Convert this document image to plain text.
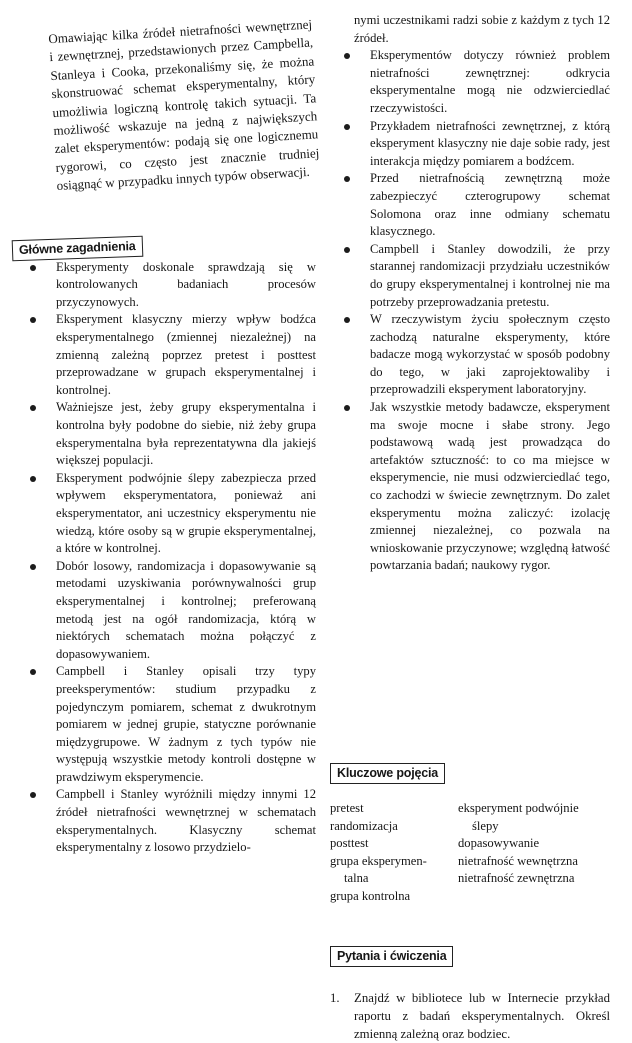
Omawiając kilka źródeł nietrafności wewnętrznej i zewnętrznej, przedstawionych przez Campbella, Stanleya i Cooka, przekonaliśmy się, że można skonstruować schemat eksperymentalny, który umożliwia logiczną kontrolę takich sytuacji. Ta możliwość wskazuje na jedną z największych zalet eksperymentów: podają się one logicznemu rygorowi, co często jest znacznie trudniej osiągnąć w przypadku innych typów obserwacji.

Główne zagadnienia
Eksperymenty doskonale sprawdzają się w kontrolowanych badaniach procesów przyczynowych.
Eksperyment klasyczny mierzy wpływ bodźca eksperymentalnego (zmiennej niezależnej) na zmienną zależną poprzez pretest i posttest przeprowadzane w grupach eksperymentalnej i kontrolnej.
Ważniejsze jest, żeby grupy eksperymentalna i kontrolna były podobne do siebie, niż żeby grupa eksperymentalna była reprezentatywna dla jakiejś większej populacji.
Eksperyment podwójnie ślepy zabezpiecza przed wpływem eksperymentatora, ponieważ ani eksperymentator, ani uczestnicy eksperymentu nie wiedzą, które osoby są w grupie eksperymentalnej, a które w kontrolnej.
Dobór losowy, randomizacja i dopasowywanie są metodami uzyskiwania porównywalności grup eksperymentalnej i kontrolnej; preferowaną metodą jest na ogół randomizacja, którą w niektórych schematach można połączyć z dopasowywaniem.
Campbell i Stanley opisali trzy typy preeksperymentów: studium przypadku z pojedynczym pomiarem, schemat z dwukrotnym pomiarem w jednej grupie, statyczne porównanie międzygrupowe. W żadnym z tych typów nie występują wszystkie metody kontroli dostępne w prawdziwym eksperymencie.
Campbell i Stanley wyróżnili między innymi 12 źródeł nietrafności wewnętrznej w schematach eksperymentalnych. Klasyczny schemat eksperymentalny z losowo przydzielo-

nymi uczestnikami radzi sobie z każdym z tych 12 źródeł.

Eksperymentów dotyczy również problem nietrafności zewnętrznej: odkrycia eksperymentalne mogą nie odzwierciedlać rzeczywistości.
Przykładem nietrafności zewnętrznej, z którą eksperyment klasyczny nie daje sobie rady, jest interakcja między pomiarem a bodźcem.
Przed nietrafnością zewnętrzną może zabezpieczyć czterogrupowy schemat Solomona oraz inne odmiany schematu klasycznego.
Campbell i Stanley dowodzili, że przy starannej randomizacji przydziału uczestników do grupy eksperymentalnej i kontrolnej nie ma potrzeby przeprowadzania pretestu.
W rzeczywistym życiu społecznym często zachodzą naturalne eksperymenty, które badacze mogą wykorzystać w sposób podobny do tego, w jaki zaprojektowaliby i przeprowadzili eksperyment laboratoryjny.
Jak wszystkie metody badawcze, eksperyment ma swoje mocne i słabe strony. Jego podstawową wadą jest prowadząca do artefaktów sztuczność: to co ma miejsce w eksperymencie, nie musi odzwierciedlać tego, co zachodzi w świecie zewnętrznym. Do zalet eksperymentu można zaliczyć: izolację zmiennej niezależnej, co pozwala na wnioskowanie przyczynowe; względną łatwość powtarzania badań; naukowy rygor.
Kluczowe pojęcia
pretest
randomizacja
posttest
grupa eksperymen-
talna
grupa kontrolna
eksperyment podwójnie
ślepy
dopasowywanie
nietrafność wewnętrzna
nietrafność zewnętrzna
Pytania i ćwiczenia
1.	Znajdź w bibliotece lub w Internecie przykład raportu z badań eksperymentalnych. Określ zmienną zależną oraz bodziec.
